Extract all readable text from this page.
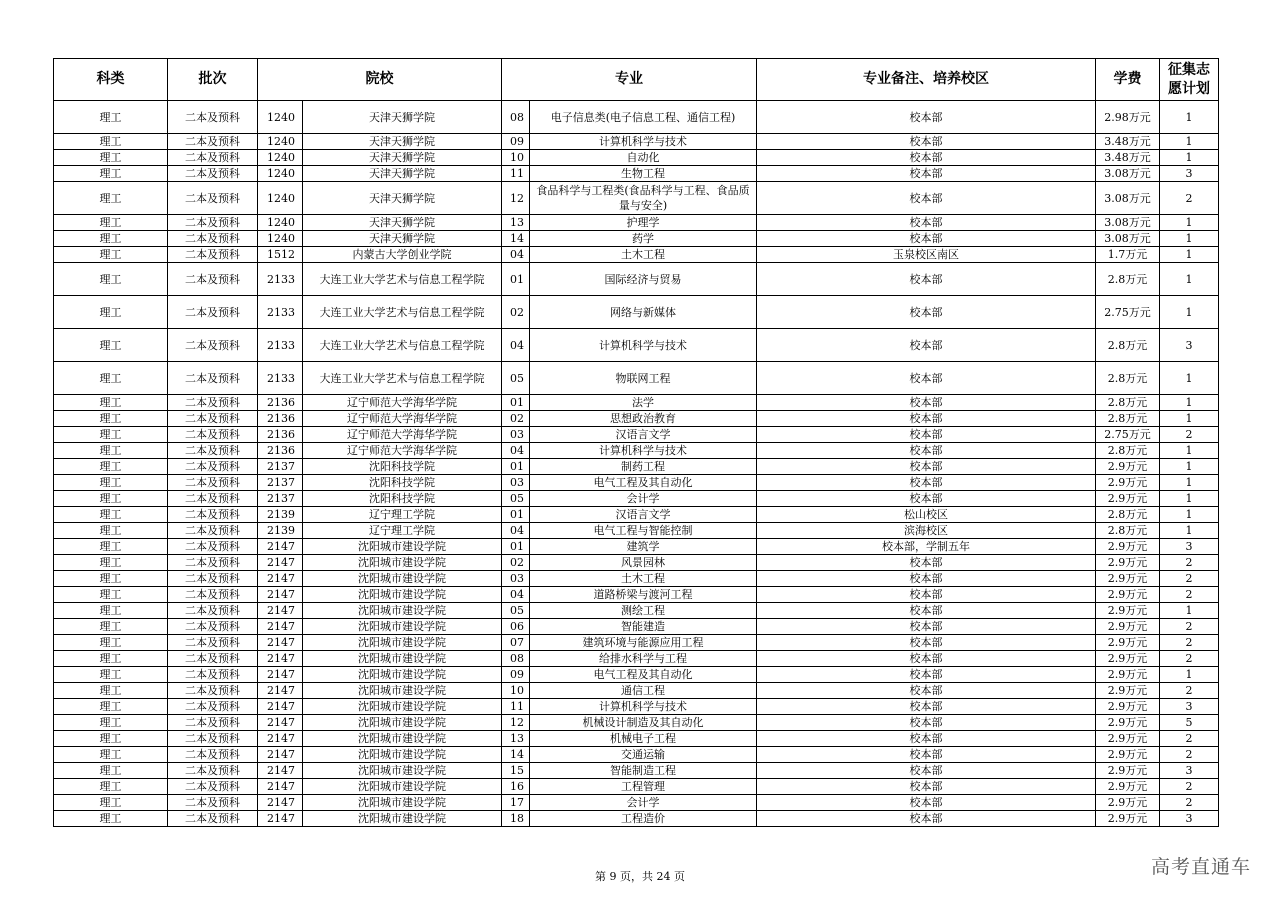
科类	批次	院校		专业		专业备注、培养校区	学费	征集志
愿计划

理工	二本及预科	1240	天津天狮学院	08	电子信息类(电子信息工程、通信工程)	校本部	2.98万元	1
理工	二本及预科	1240	天津天狮学院	09	计算机科学与技术	校本部	3.48万元	1
理工	二本及预科	1240	天津天狮学院	10	自动化	校本部	3.48万元	1
理工	二本及预科	1240	天津天狮学院	11	生物工程	校本部	3.08万元	3
理工	二本及预科	1240	天津天狮学院	12	食品科学与工程类(食品科学与工程、食品质量与安全)	校本部	3.08万元	2
理工	二本及预科	1240	天津天狮学院	13	护理学	校本部	3.08万元	1
理工	二本及预科	1240	天津天狮学院	14	药学	校本部	3.08万元	1
理工	二本及预科	1512	内蒙古大学创业学院	04	土木工程	玉泉校区南区	1.7万元	1
理工	二本及预科	2133	大连工业大学艺术与信息工程学院	01	国际经济与贸易	校本部	2.8万元	1
理工	二本及预科	2133	大连工业大学艺术与信息工程学院	02	网络与新媒体	校本部	2.75万元	1
理工	二本及预科	2133	大连工业大学艺术与信息工程学院	04	计算机科学与技术	校本部	2.8万元	3
理工	二本及预科	2133	大连工业大学艺术与信息工程学院	05	物联网工程	校本部	2.8万元	1
理工	二本及预科	2136	辽宁师范大学海华学院	01	法学	校本部	2.8万元	1
理工	二本及预科	2136	辽宁师范大学海华学院	02	思想政治教育	校本部	2.8万元	1
理工	二本及预科	2136	辽宁师范大学海华学院	03	汉语言文学	校本部	2.75万元	2
理工	二本及预科	2136	辽宁师范大学海华学院	04	计算机科学与技术	校本部	2.8万元	1
理工	二本及预科	2137	沈阳科技学院	01	制药工程	校本部	2.9万元	1
理工	二本及预科	2137	沈阳科技学院	03	电气工程及其自动化	校本部	2.9万元	1
理工	二本及预科	2137	沈阳科技学院	05	会计学	校本部	2.9万元	1
理工	二本及预科	2139	辽宁理工学院	01	汉语言文学	松山校区	2.8万元	1
理工	二本及预科	2139	辽宁理工学院	04	电气工程与智能控制	滨海校区	2.8万元	1
理工	二本及预科	2147	沈阳城市建设学院	01	建筑学	校本部，学制五年	2.9万元	3
理工	二本及预科	2147	沈阳城市建设学院	02	风景园林	校本部	2.9万元	2
理工	二本及预科	2147	沈阳城市建设学院	03	土木工程	校本部	2.9万元	2
理工	二本及预科	2147	沈阳城市建设学院	04	道路桥梁与渡河工程	校本部	2.9万元	2
理工	二本及预科	2147	沈阳城市建设学院	05	测绘工程	校本部	2.9万元	1
理工	二本及预科	2147	沈阳城市建设学院	06	智能建造	校本部	2.9万元	2
理工	二本及预科	2147	沈阳城市建设学院	07	建筑环境与能源应用工程	校本部	2.9万元	2
理工	二本及预科	2147	沈阳城市建设学院	08	给排水科学与工程	校本部	2.9万元	2
理工	二本及预科	2147	沈阳城市建设学院	09	电气工程及其自动化	校本部	2.9万元	1
理工	二本及预科	2147	沈阳城市建设学院	10	通信工程	校本部	2.9万元	2
理工	二本及预科	2147	沈阳城市建设学院	11	计算机科学与技术	校本部	2.9万元	3
理工	二本及预科	2147	沈阳城市建设学院	12	机械设计制造及其自动化	校本部	2.9万元	5
理工	二本及预科	2147	沈阳城市建设学院	13	机械电子工程	校本部	2.9万元	2
理工	二本及预科	2147	沈阳城市建设学院	14	交通运输	校本部	2.9万元	2
理工	二本及预科	2147	沈阳城市建设学院	15	智能制造工程	校本部	2.9万元	3
理工	二本及预科	2147	沈阳城市建设学院	16	工程管理	校本部	2.9万元	2
理工	二本及预科	2147	沈阳城市建设学院	17	会计学	校本部	2.9万元	2
理工	二本及预科	2147	沈阳城市建设学院	18	工程造价	校本部	2.9万元	3
第 9 页，共 24 页	高考直通车
